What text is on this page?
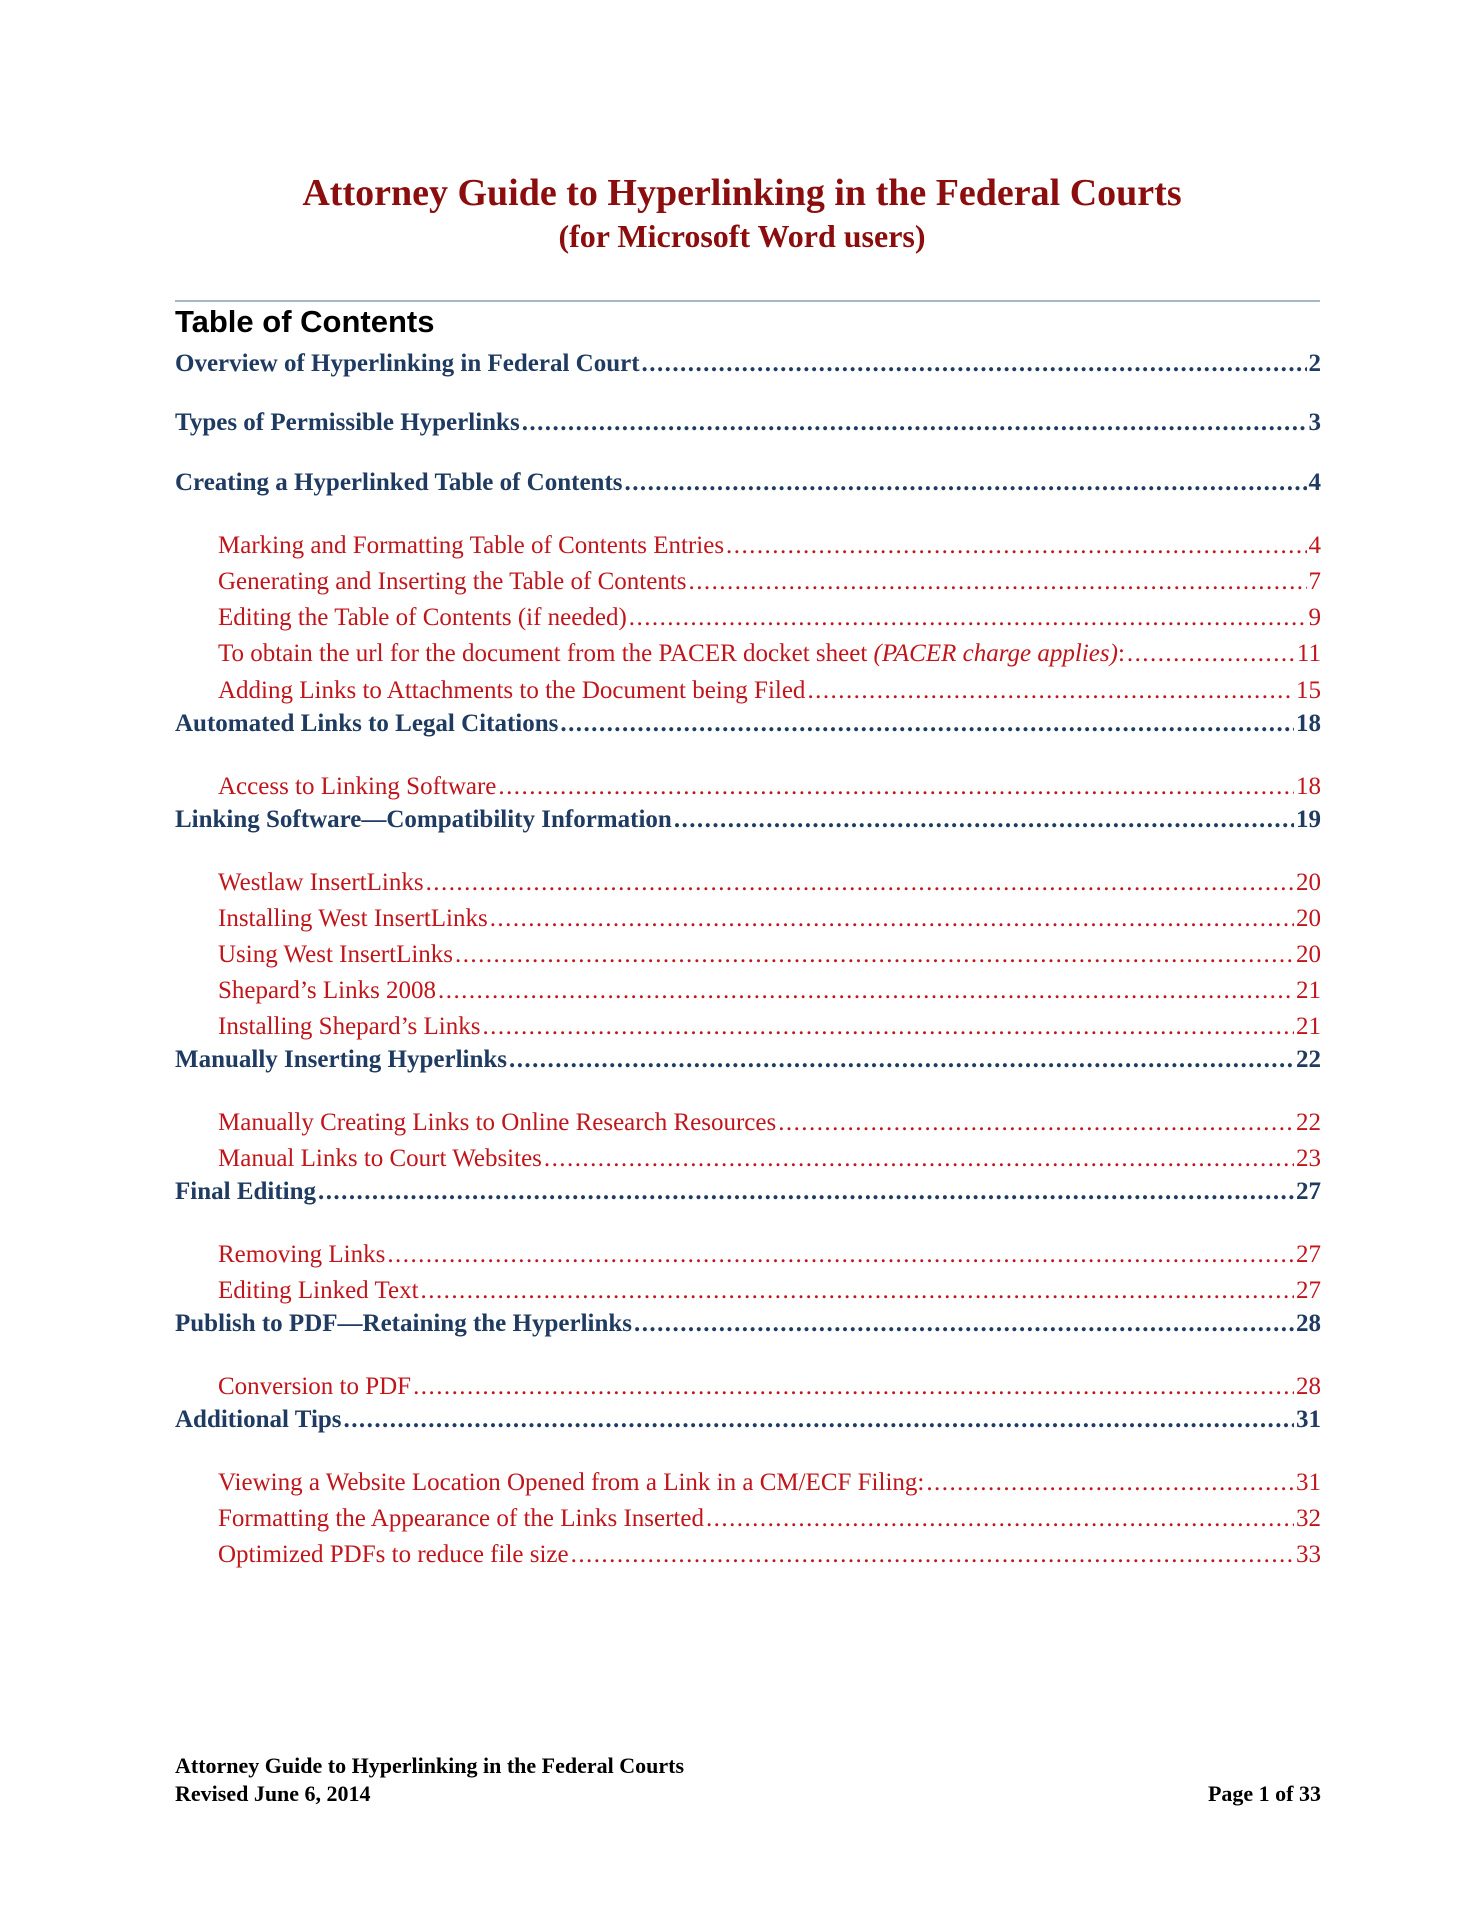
Attorney Guide to Hyperlinking in the Federal Courts
(for Microsoft Word users)
Table of Contents
Overview of Hyperlinking in Federal Court . . .	2
Types of Permissible Hyperlinks . . .	3
Creating a Hyperlinked Table of Contents . . .	4
Marking and Formatting Table of Contents Entries . . .	4
Generating and Inserting the Table of Contents . . .	7
Editing the Table of Contents (if needed) . . .	9
To obtain the url for the document from the PACER docket sheet (PACER charge applies): . . .	11
Adding Links to Attachments to the Document being Filed . . .	15
Automated Links to Legal Citations . . .	18
Access to Linking Software . . .	18
Linking Software—Compatibility Information . . .	19
Westlaw InsertLinks . . .	20
Installing West InsertLinks . . .	20
Using West InsertLinks . . .	20
Shepard’s Links 2008 . . .	21
Installing Shepard’s Links . . .	21
Manually Inserting Hyperlinks . . .	22
Manually Creating Links to Online Research Resources . . .	22
Manual Links to Court Websites . . .	23
Final Editing . . .	27
Removing Links . . .	27
Editing Linked Text . . .	27
Publish to PDF—Retaining the Hyperlinks . . .	28
Conversion to PDF . . .	28
Additional Tips . . .	31
Viewing a Website Location Opened from a Link in a CM/ECF Filing: . . .	31
Formatting the Appearance of the Links Inserted . . .	32
Optimized PDFs to reduce file size . . .	33
Attorney Guide to Hyperlinking in the Federal Courts
Revised June 6, 2014	Page 1 of 33
